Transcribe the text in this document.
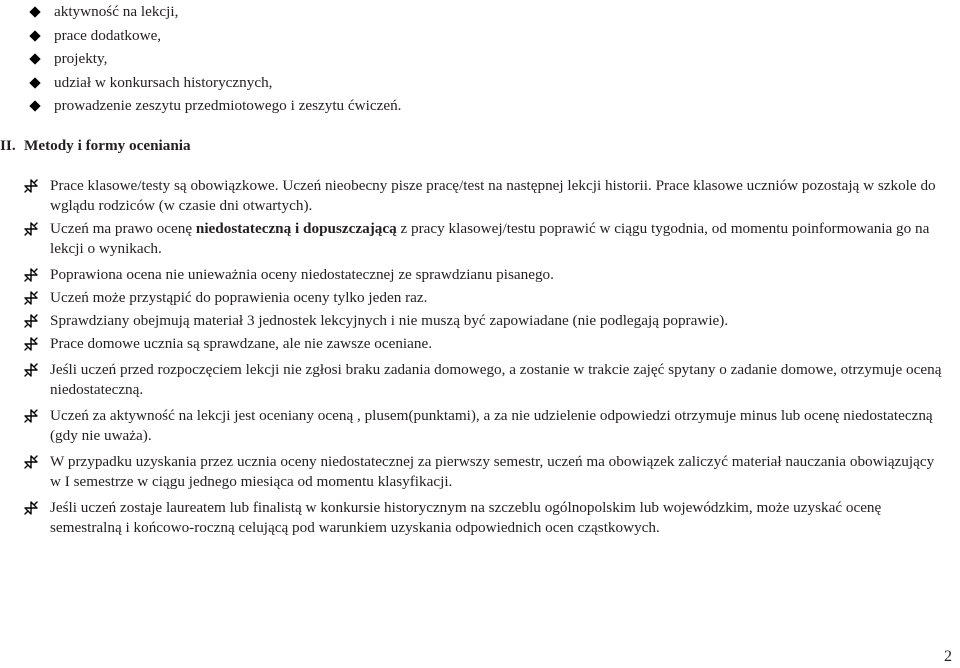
aktywność na lekcji,
prace dodatkowe,
projekty,
udział w konkursach historycznych,
prowadzenie zeszytu przedmiotowego i zeszytu ćwiczeń.
II. Metody i formy oceniania
Prace klasowe/testy są obowiązkowe. Uczeń nieobecny pisze pracę/test na następnej lekcji historii. Prace klasowe uczniów pozostają w szkole do wglądu rodziców (w czasie dni otwartych).
Uczeń ma prawo ocenę niedostateczną i dopuszczającą z pracy klasowej/testu poprawić w ciągu tygodnia, od momentu poinformowania go na lekcji o wynikach.
Poprawiona ocena nie unieważnia oceny niedostatecznej ze sprawdzianu pisanego.
Uczeń może przystąpić do poprawienia oceny tylko jeden raz.
Sprawdziany obejmują materiał 3 jednostek lekcyjnych i nie muszą być zapowiadane (nie podlegają poprawie).
Prace domowe ucznia są sprawdzane, ale nie zawsze oceniane.
Jeśli uczeń przed rozpoczęciem lekcji nie zgłosi braku zadania domowego, a zostanie w trakcie zajęć spytany o zadanie domowe, otrzymuje oceną niedostateczną.
Uczeń za aktywność na lekcji jest oceniany oceną , plusem(punktami), a za nie udzielenie odpowiedzi otrzymuje minus lub ocenę niedostateczną (gdy nie uważa).
W przypadku uzyskania przez ucznia oceny niedostatecznej za pierwszy semestr, uczeń ma obowiązek zaliczyć materiał nauczania obowiązujący w I semestrze w ciągu jednego miesiąca od momentu klasyfikacji.
Jeśli uczeń zostaje laureatem lub finalistą w konkursie historycznym na szczeblu ogólnopolskim lub wojewódzkim, może uzyskać ocenę semestralną i końcowo-roczną celującą pod warunkiem uzyskania odpowiednich ocen cząstkowych.
2
